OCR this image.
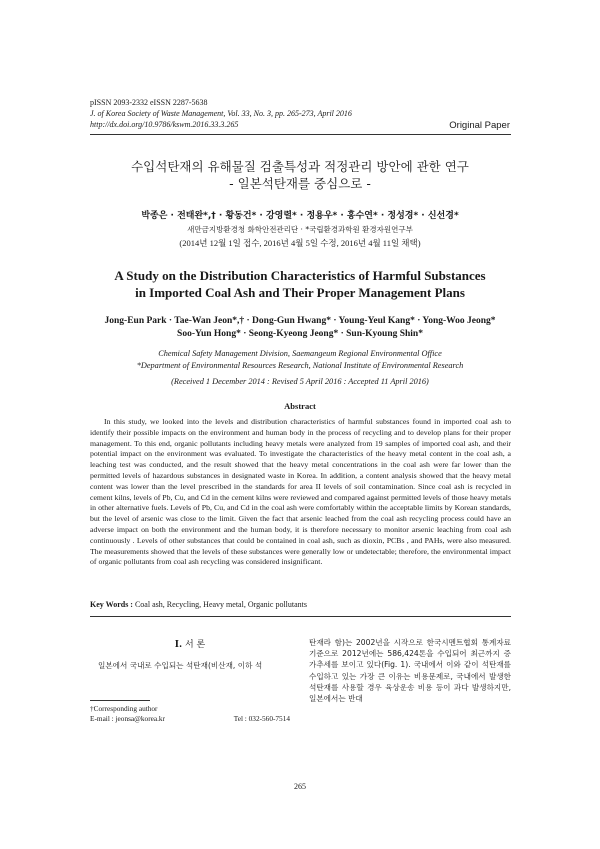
pISSN 2093-2332 eISSN 2287-5638
J. of Korea Society of Waste Management, Vol. 33, No. 3, pp. 265-273, April 2016
http://dx.doi.org/10.9786/kswm.2016.33.3.265	Original Paper
수입석탄재의 유해물질 검출특성과 적정관리 방안에 관한 연구
- 일본석탄재를 중심으로 -
박종은 · 전태완*,† · 황동건* · 강영렬* · 정용우* · 홍수연* · 정성경* · 신선경*
새만금지방환경청 화학안전관리단 · *국립환경과학원 환경자원연구부
(2014년 12월 1일 접수, 2016년 4월 5일 수정, 2016년 4월 11일 채택)
A Study on the Distribution Characteristics of Harmful Substances
in Imported Coal Ash and Their Proper Management Plans
Jong-Eun Park · Tae-Wan Jeon*,† · Dong-Gun Hwang* · Young-Yeul Kang* · Yong-Woo Jeong*
Soo-Yun Hong* · Seong-Kyeong Jeong* · Sun-Kyoung Shin*
Chemical Safety Management Division, Saemangeum Regional Environmental Office
*Department of Environmental Resources Research, National Institute of Environmental Research
(Received 1 December 2014 : Revised 5 April 2016 : Accepted 11 April 2016)
Abstract
In this study, we looked into the levels and distribution characteristics of harmful substances found in imported coal ash to identify their possible impacts on the environment and human body in the process of recycling and to develop plans for their proper management. To this end, organic pollutants including heavy metals were analyzed from 19 samples of imported coal ash, and their potential impact on the environment was evaluated. To investigate the characteristics of the heavy metal content in the coal ash, a leaching test was conducted, and the result showed that the heavy metal concentrations in the coal ash were far lower than the permitted levels of hazardous substances in designated waste in Korea. In addition, a content analysis showed that the heavy metal content was lower than the level prescribed in the standards for area II levels of soil contamination. Since coal ash is recycled in cement kilns, levels of Pb, Cu, and Cd in the cement kilns were reviewed and compared against permitted levels of those heavy metals in other alternative fuels. Levels of Pb, Cu, and Cd in the coal ash were comfortably within the acceptable limits by Korean standards, but the level of arsenic was close to the limit. Given the fact that arsenic leached from the coal ash recycling process could have an adverse impact on both the environment and the human body, it is therefore necessary to monitor arsenic leaching from coal ash continuously . Levels of other substances that could be contained in coal ash, such as dioxin, PCBs , and PAHs, were also measured. The measurements showed that the levels of these substances were generally low or undetectable; therefore, the environmental impact of organic pollutants from coal ash recycling was considered insignificant.
Key Words : Coal ash, Recycling, Heavy metal, Organic pollutants
I. 서 론
일본에서 국내로 수입되는 석탄재(비산재, 이하 석
탄재라 함)는 2002년을 시작으로 한국시멘트협회 통계자료 기준으로 2012년에는 586,424톤을 수입되어 최근까지 증가추세를 보이고 있다(Fig. 1). 국내에서 이와 같이 석탄재를 수입하고 있는 가장 큰 이유는 비용문제로, 국내에서 발생한 석탄재를 사용할 경우 육상운송 비용 등이 과다 발생하지만, 일본에서는 반대
†Corresponding author
E-mail : jeonsa@korea.kr	Tel : 032-560-7514
265
